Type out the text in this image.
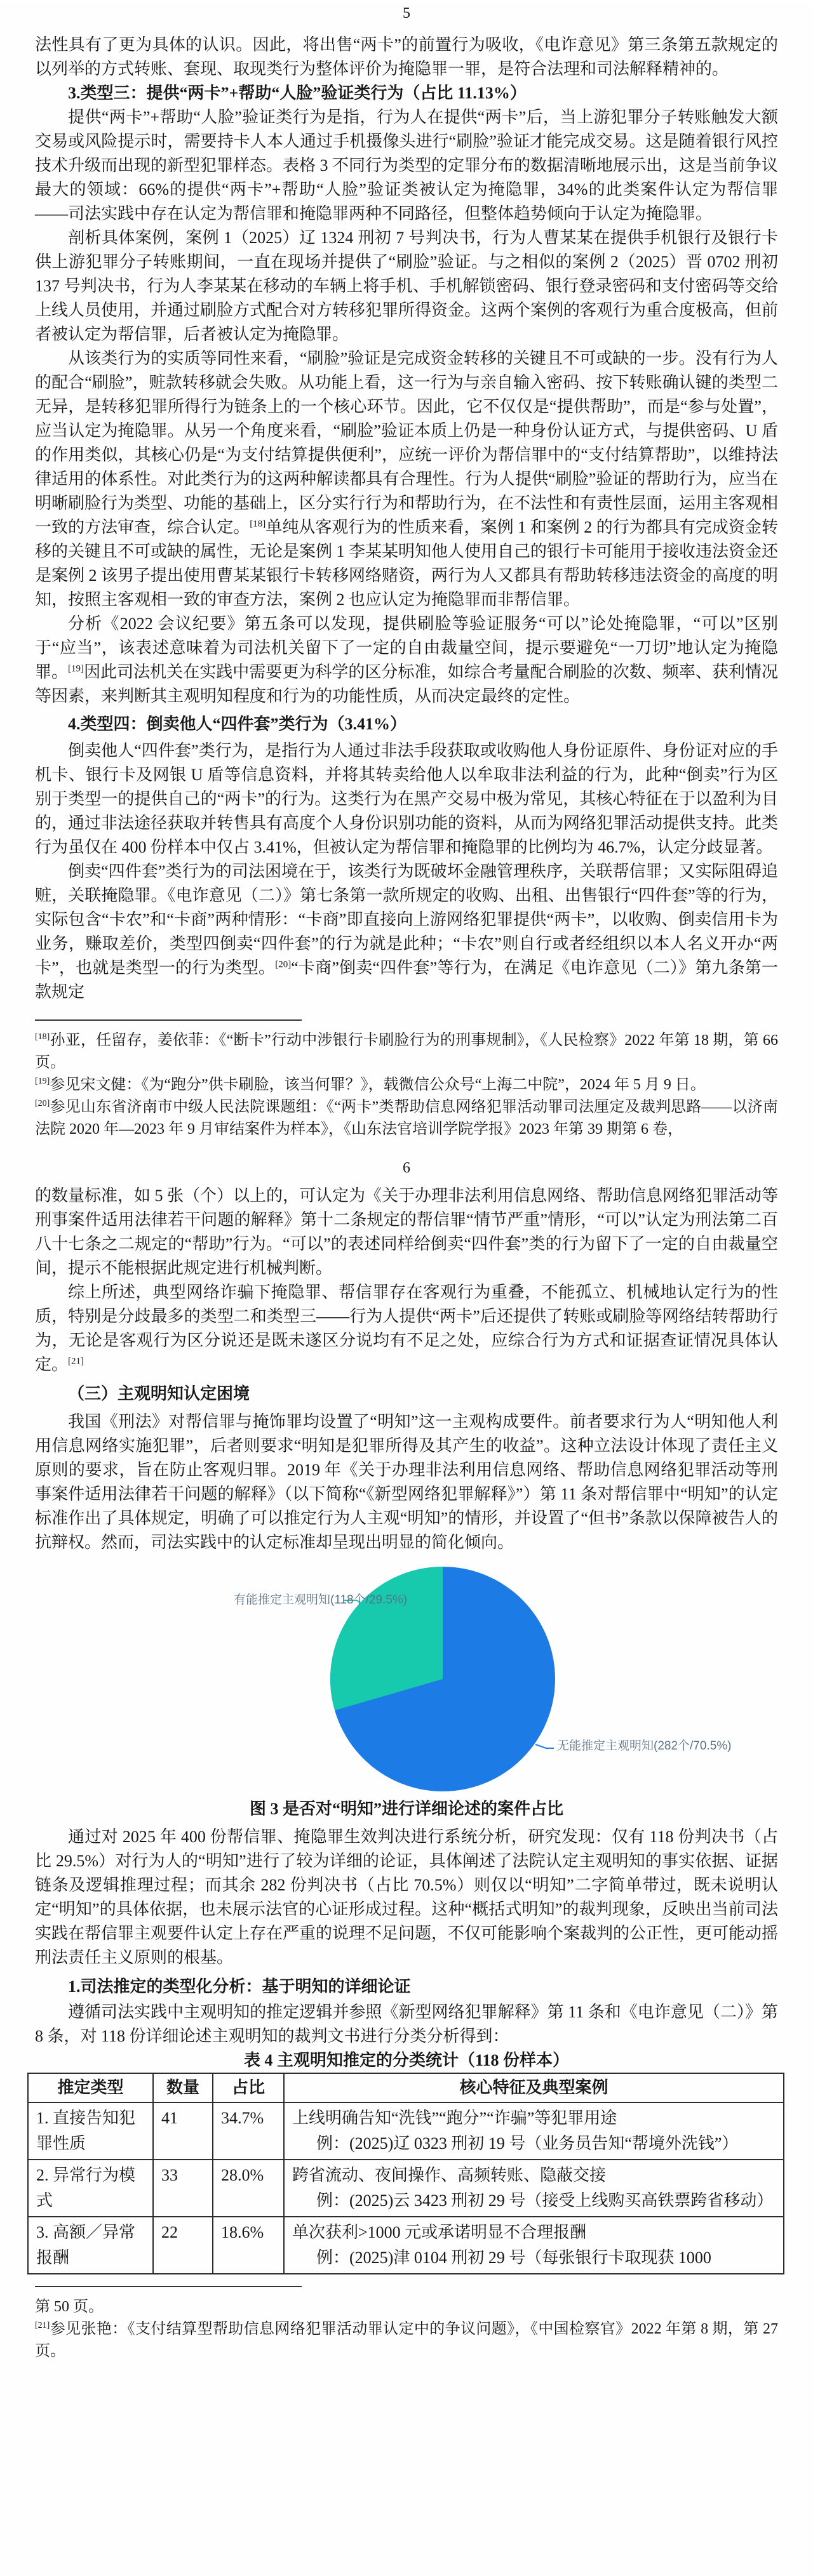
5

法性具有了更为具体的认识。因此，将出售“两卡”的前置行为吸收，《电诈意见》第三条第五款规定的以列举的方式转账、套现、取现类行为整体评价为掩隐罪一罪，是符合法理和司法解释精神的。

3.类型三：提供“两卡”+帮助“人脸”验证类行为（占比 11.13%）

提供“两卡”+帮助“人脸”验证类行为是指，行为人在提供“两卡”后，当上游犯罪分子转账触发大额交易或风险提示时，需要持卡人本人通过手机摄像头进行“刷脸”验证才能完成交易。这是随着银行风控技术升级而出现的新型犯罪样态。表格 3 不同行为类型的定罪分布的数据清晰地展示出，这是当前争议最大的领域：66%的提供“两卡”+帮助“人脸”验证类被认定为掩隐罪，34%的此类案件认定为帮信罪——司法实践中存在认定为帮信罪和掩隐罪两种不同路径，但整体趋势倾向于认定为掩隐罪。

剖析具体案例，案例 1（2025）辽 1324 刑初 7 号判决书，行为人曹某某在提供手机银行及银行卡供上游犯罪分子转账期间，一直在现场并提供了“刷脸”验证。与之相似的案例 2（2025）晋 0702 刑初 137 号判决书，行为人李某某在移动的车辆上将手机、手机解锁密码、银行登录密码和支付密码等交给上线人员使用，并通过刷脸方式配合对方转移犯罪所得资金。这两个案例的客观行为重合度极高，但前者被认定为帮信罪，后者被认定为掩隐罪。

从该类行为的实质等同性来看，“刷脸”验证是完成资金转移的关键且不可或缺的一步。没有行为人的配合“刷脸”，赃款转移就会失败。从功能上看，这一行为与亲自输入密码、按下转账确认键的类型二无异，是转移犯罪所得行为链条上的一个核心环节。因此，它不仅仅是“提供帮助”，而是“参与处置”，应当认定为掩隐罪。从另一个角度来看，“刷脸”验证本质上仍是一种身份认证方式，与提供密码、U 盾的作用类似，其核心仍是“为支付结算提供便利”，应统一评价为帮信罪中的“支付结算帮助”，以维持法律适用的体系性。对此类行为的这两种解读都具有合理性。行为人提供“刷脸”验证的帮助行为，应当在明晰刷脸行为类型、功能的基础上，区分实行行为和帮助行为，在不法性和有责性层面，运用主客观相一致的方法审查，综合认定。[18]单纯从客观行为的性质来看，案例 1 和案例 2 的行为都具有完成资金转移的关键且不可或缺的属性，无论是案例 1 李某某明知他人使用自己的银行卡可能用于接收违法资金还是案例 2 该男子提出使用曹某某银行卡转移网络赌资，两行为人又都具有帮助转移违法资金的高度的明知，按照主客观相一致的审查方法，案例 2 也应认定为掩隐罪而非帮信罪。

分析《2022 会议纪要》第五条可以发现，提供刷脸等验证服务“可以”论处掩隐罪，“可以”区别于“应当”，该表述意味着为司法机关留下了一定的自由裁量空间，提示要避免“一刀切”地认定为掩隐罪。[19]因此司法机关在实践中需要更为科学的区分标准，如综合考量配合刷脸的次数、频率、获利情况等因素，来判断其主观明知程度和行为的功能性质，从而决定最终的定性。

4.类型四：倒卖他人“四件套”类行为（3.41%）

倒卖他人“四件套”类行为，是指行为人通过非法手段获取或收购他人身份证原件、身份证对应的手机卡、银行卡及网银 U 盾等信息资料，并将其转卖给他人以牟取非法利益的行为，此种“倒卖”行为区别于类型一的提供自己的“两卡”的行为。这类行为在黑产交易中极为常见，其核心特征在于以盈利为目的，通过非法途径获取并转售具有高度个人身份识别功能的资料，从而为网络犯罪活动提供支持。此类行为虽仅在 400 份样本中仅占 3.41%，但被认定为帮信罪和掩隐罪的比例均为 46.7%，认定分歧显著。

倒卖“四件套”类行为的司法困境在于，该类行为既破坏金融管理秩序，关联帮信罪；又实际阻碍追赃，关联掩隐罪。《电诈意见（二）》第七条第一款所规定的收购、出租、出售银行“四件套”等的行为，实际包含“卡农”和“卡商”两种情形：“卡商”即直接向上游网络犯罪提供“两卡”，以收购、倒卖信用卡为业务，赚取差价，类型四倒卖“四件套”的行为就是此种；“卡农”则自行或者经组织以本人名义开办“两卡”，也就是类型一的行为类型。[20]“卡商”倒卖“四件套”等行为，在满足《电诈意见（二）》第九条第一款规定

[18]孙亚，任留存，姜依菲：《“断卡”行动中涉银行卡刷脸行为的刑事规制》，《人民检察》2022 年第 18 期，第 66 页。
[19]参见宋文健：《为“跑分”供卡刷脸，该当何罪？》，载微信公众号“上海二中院”，2024 年 5 月 9 日。
[20]参见山东省济南市中级人民法院课题组：《“两卡”类帮助信息网络犯罪活动罪司法厘定及裁判思路——以济南法院 2020 年—2023 年 9 月审结案件为样本》，《山东法官培训学院学报》2023 年第 39 期第 6 卷，
6

的数量标准，如 5 张（个）以上的，可认定为《关于办理非法利用信息网络、帮助信息网络犯罪活动等刑事案件适用法律若干问题的解释》第十二条规定的帮信罪“情节严重”情形，“可以”认定为刑法第二百八十七条之二规定的“帮助”行为。“可以”的表述同样给倒卖“四件套”类的行为留下了一定的自由裁量空间，提示不能根据此规定进行机械判断。

综上所述，典型网络诈骗下掩隐罪、帮信罪存在客观行为重叠，不能孤立、机械地认定行为的性质，特别是分歧最多的类型二和类型三——行为人提供“两卡”后还提供了转账或刷脸等网络结转帮助行为，无论是客观行为区分说还是既未遂区分说均有不足之处，应综合行为方式和证据查证情况具体认定。[21]

（三）主观明知认定困境

我国《刑法》对帮信罪与掩饰罪均设置了“明知”这一主观构成要件。前者要求行为人“明知他人利用信息网络实施犯罪”，后者则要求“明知是犯罪所得及其产生的收益”。这种立法设计体现了责任主义原则的要求，旨在防止客观归罪。2019 年《关于办理非法利用信息网络、帮助信息网络犯罪活动等刑事案件适用法律若干问题的解释》（以下简称“《新型网络犯罪解释》”）第 11 条对帮信罪中“明知”的认定标准作出了具体规定，明确了可以推定行为人主观“明知”的情形，并设置了“但书”条款以保障被告人的抗辩权。然而，司法实践中的认定标准却呈现出明显的简化倾向。

有能推定主观明知(118个/29.5%)
无能推定主观明知(282个/70.5%)
图 3 是否对“明知”进行详细论述的案件占比

通过对 2025 年 400 份帮信罪、掩隐罪生效判决进行系统分析，研究发现：仅有 118 份判决书（占比 29.5%）对行为人的“明知”进行了较为详细的论证，具体阐述了法院认定主观明知的事实依据、证据链条及逻辑推理过程；而其余 282 份判决书（占比 70.5%）则仅以“明知”二字简单带过，既未说明认定“明知”的具体依据，也未展示法官的心证形成过程。这种“概括式明知”的裁判现象，反映出当前司法实践在帮信罪主观要件认定上存在严重的说理不足问题，不仅可能影响个案裁判的公正性，更可能动摇刑法责任主义原则的根基。

1.司法推定的类型化分析：基于明知的详细论证

遵循司法实践中主观明知的推定逻辑并参照《新型网络犯罪解释》第 11 条和《电诈意见（二）》第 8 条，对 118 份详细论述主观明知的裁判文书进行分类分析得到：

表 4 主观明知推定的分类统计（118 份样本）
推定类型	数量	占比	核心特征及典型案例
1. 直接告知犯罪性质	41	34.7%	上线明确告知“洗钱”“跑分”“诈骗”等犯罪用途
例：(2025)辽 0323 刑初 19 号（业务员告知“帮境外洗钱”）

2. 异常行为模式	33	28.0%	跨省流动、夜间操作、高频转账、隐蔽交接
例：(2025)云 3423 刑初 29 号（接受上线购买高铁票跨省移动）

3. 高额／异常报酬	22	18.6%	单次获利>1000 元或承诺明显不合理报酬
例：(2025)津 0104 刑初 29 号（每张银行卡取现获 1000
第 50 页。
[21]参见张艳：《支付结算型帮助信息网络犯罪活动罪认定中的争议问题》，《中国检察官》2022 年第 8 期，第 27 页。
